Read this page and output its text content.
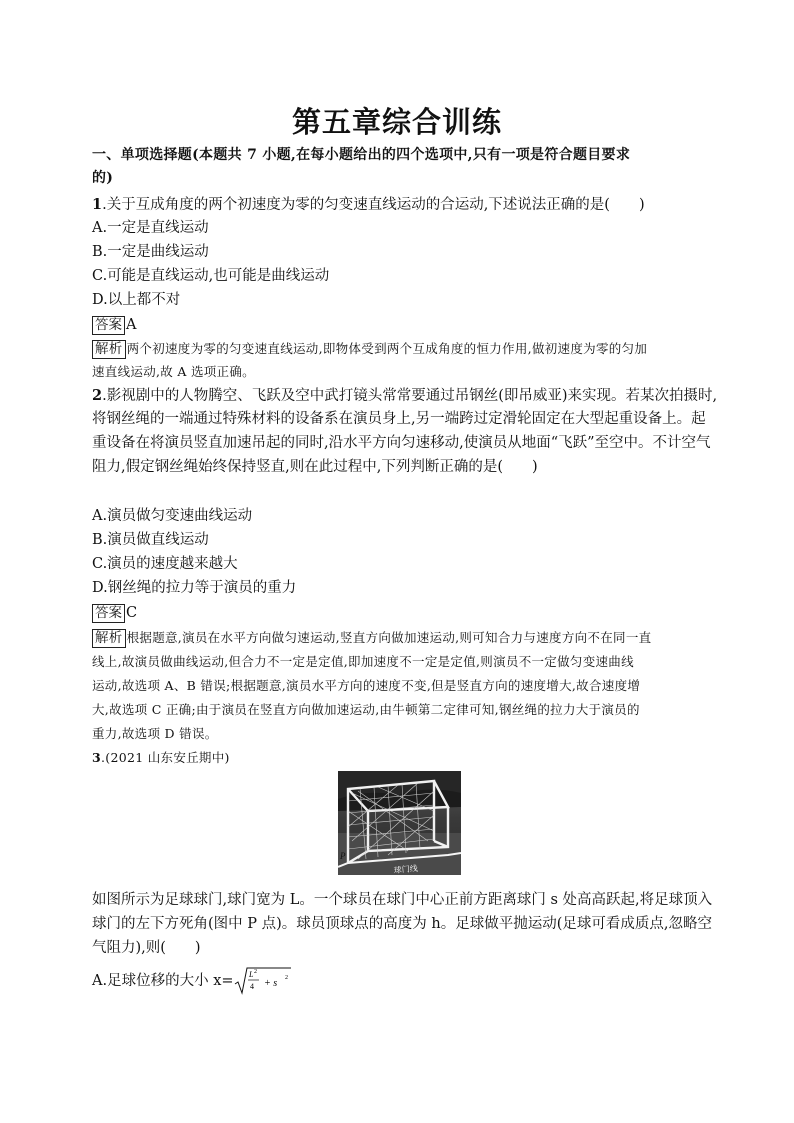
第五章综合训练
一、单项选择题(本题共 7 小题,在每小题给出的四个选项中,只有一项是符合题目要求
的)
1.关于互成角度的两个初速度为零的匀变速直线运动的合运动,下述说法正确的是(　　)
A.一定是直线运动
B.一定是曲线运动
C.可能是直线运动,也可能是曲线运动
D.以上都不对
答案 A
解析 两个初速度为零的匀变速直线运动,即物体受到两个互成角度的恒力作用,做初速度为零的匀加
速直线运动,故 A 选项正确。
2.影视剧中的人物腾空、飞跃及空中武打镜头常常要通过吊钢丝(即吊威亚)来实现。若某次拍摄时,
将钢丝绳的一端通过特殊材料的设备系在演员身上,另一端跨过定滑轮固定在大型起重设备上。起
重设备在将演员竖直加速吊起的同时,沿水平方向匀速移动,使演员从地面“飞跃”至空中。不计空气
阻力,假定钢丝绳始终保持竖直,则在此过程中,下列判断正确的是(　　)
A.演员做匀变速曲线运动
B.演员做直线运动
C.演员的速度越来越大
D.钢丝绳的拉力等于演员的重力
答案 C
解析 根据题意,演员在水平方向做匀速运动,竖直方向做加速运动,则可知合力与速度方向不在同一直
线上,故演员做曲线运动,但合力不一定是定值,即加速度不一定是定值,则演员不一定做匀变速曲线
运动,故选项 A、B 错误;根据题意,演员水平方向的速度不变,但是竖直方向的速度增大,故合速度增
大,故选项 C 正确;由于演员在竖直方向做加速运动,由牛顿第二定律可知,钢丝绳的拉力大于演员的
重力,故选项 D 错误。
3.(2021 山东安丘期中)
P
球门线
如图所示为足球球门,球门宽为 L。一个球员在球门中心正前方距离球门 s 处高高跃起,将足球顶入
球门的左下方死角(图中 P 点)。球员顶球点的高度为 h。足球做平抛运动(足球可看成质点,忽略空
气阻力),则(　　)
A.足球位移的大小 x= L 2
4 + s 2
